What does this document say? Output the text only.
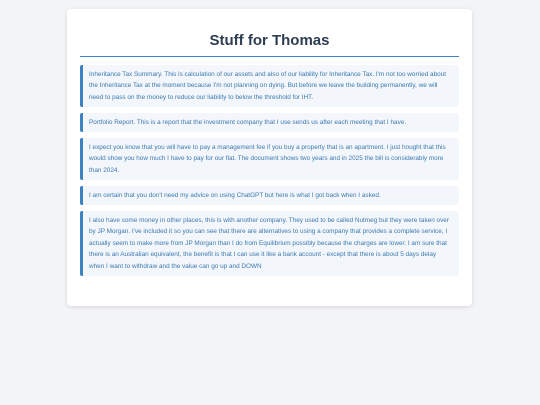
Stuff for Thomas

Inheritance Tax Summary. This is calculation of our assets and also of our liability for Inheritance Tax. I'm not too worried about the Inheritance Tax at the moment because I'm not planning on dying. But before we leave the building permanently, we will need to pass on the money to reduce our liability to below the threshold for IHT.

Portfolio Report. This is a report that the investment company that I use sends us after each meeting that I have.

I expect you know that you will have to pay a management fee if you buy a property that is an apartment. I just hought that this would show you how much I have to pay for our flat. The document shows two years and in 2025 the bill is considerably more than 2024.

I am certain that you don't need my advice on using ChatGPT but here is what I got back when I asked.

I also have some money in other places, this is with another company. They used to be called Nutmeg but they were taken over by JP Morgan. I've included it so you can see that there are alternatives to using a company that provides a complete service, I actually seem to make more from JP Morgan than I do from Equilibrium possibly because the charges are lower. I am sure that there is an Australian equivalent, the benefit is that I can use it like a bank account - except that there is about 5 days delay when I want to withdraw and the value can go up and DOWN
